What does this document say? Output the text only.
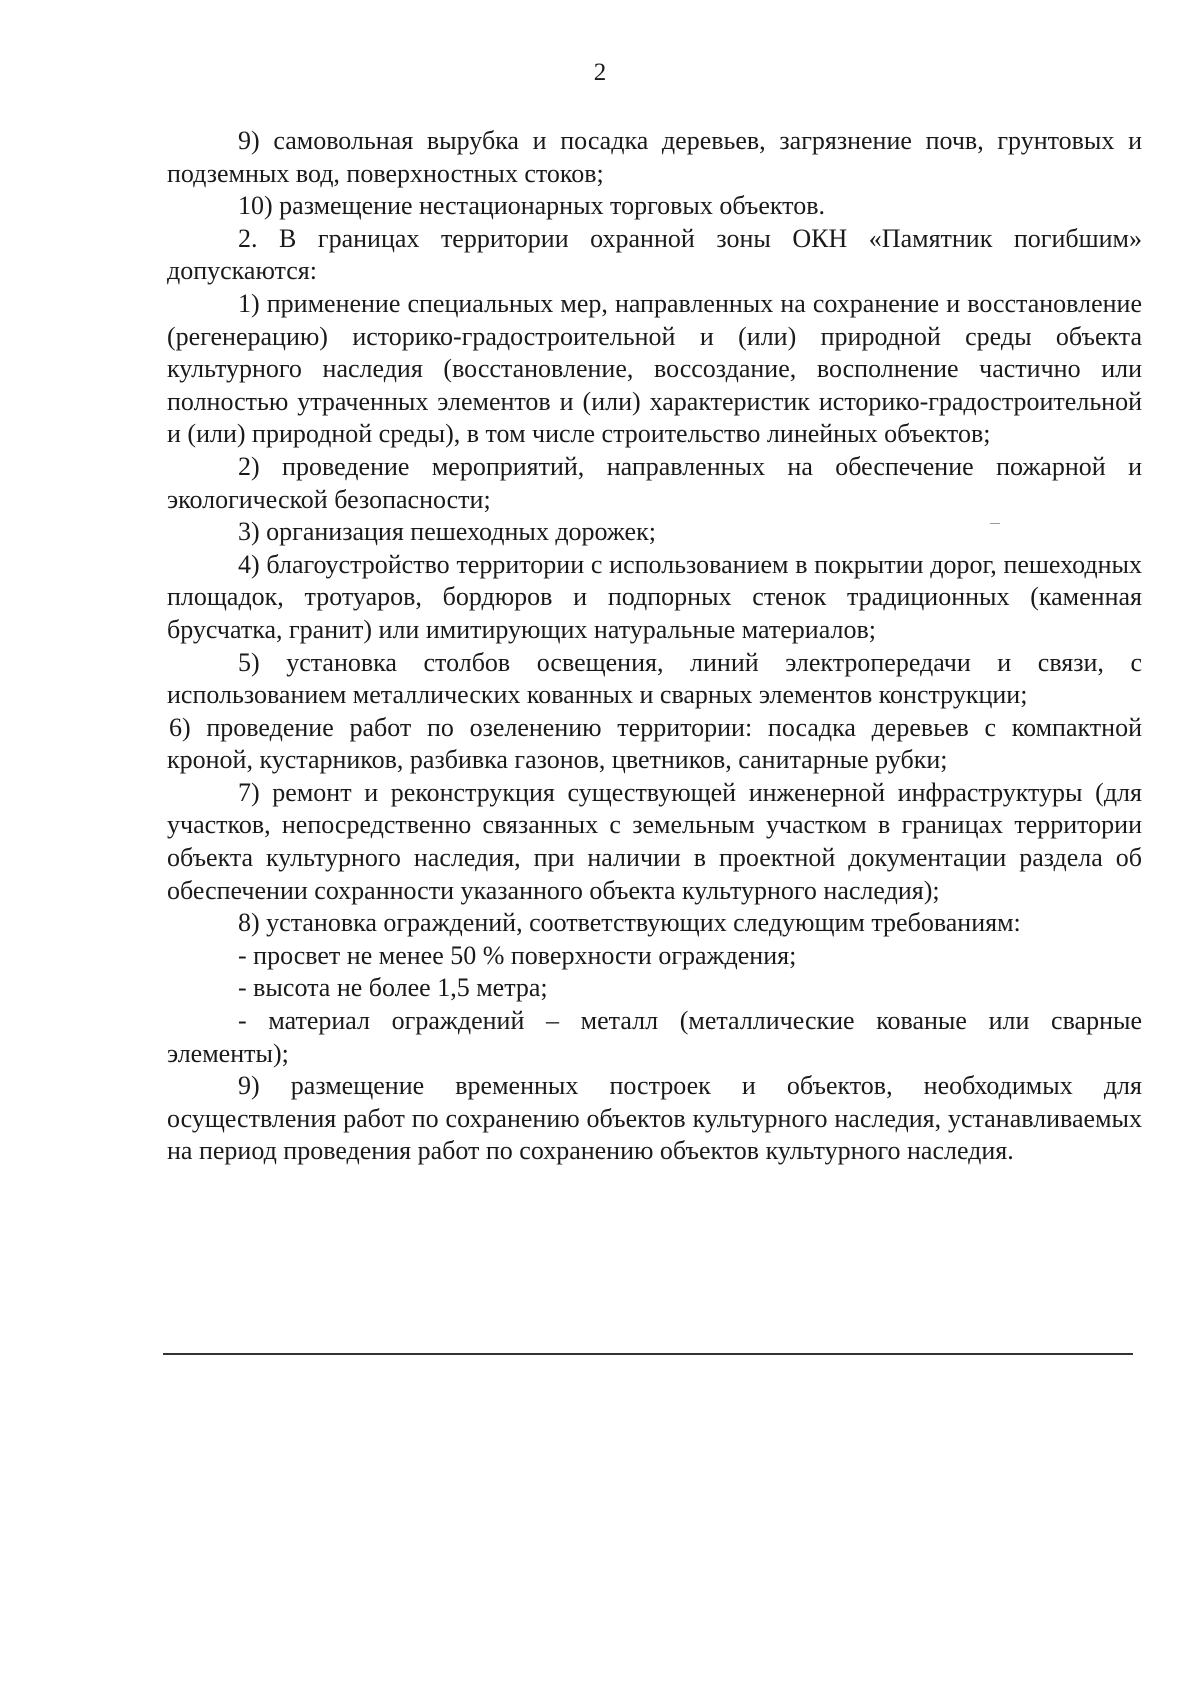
2

9) самовольная вырубка и посадка деревьев, загрязнение почв, грунтовых и подземных вод, поверхностных стоков;

10) размещение нестационарных торговых объектов.

2. В границах территории охранной зоны ОКН «Памятник погибшим» допускаются:

1) применение специальных мер, направленных на сохранение и восстановление (регенерацию) историко-градостроительной и (или) природной среды объекта культурного наследия (восстановление, воссоздание, восполнение частично или полностью утраченных элементов и (или) характеристик историко-градостроительной и (или) природной среды), в том числе строительство линейных объектов;

2) проведение мероприятий, направленных на обеспечение пожарной и экологической безопасности;

3) организация пешеходных дорожек;

4) благоустройство территории с использованием в покрытии дорог, пешеходных площадок, тротуаров, бордюров и подпорных стенок традиционных (каменная брусчатка, гранит) или имитирующих натуральные материалов;

5) установка столбов освещения, линий электропередачи и связи, с использованием металлических кованных и сварных элементов конструкции;

6) проведение работ по озеленению территории: посадка деревьев с компактной кроной, кустарников, разбивка газонов, цветников, санитарные рубки;

7) ремонт и реконструкция существующей инженерной инфраструктуры (для участков, непосредственно связанных с земельным участком в границах территории объекта культурного наследия, при наличии в проектной документации раздела об обеспечении сохранности указанного объекта культурного наследия);

8) установка ограждений, соответствующих следующим требованиям:

- просвет не менее 50 % поверхности ограждения;

- высота не более 1,5 метра;

- материал ограждений – металл (металлические кованые или сварные элементы);

9) размещение временных построек и объектов, необходимых для осуществления работ по сохранению объектов культурного наследия, устанавливаемых на период проведения работ по сохранению объектов культурного наследия.
